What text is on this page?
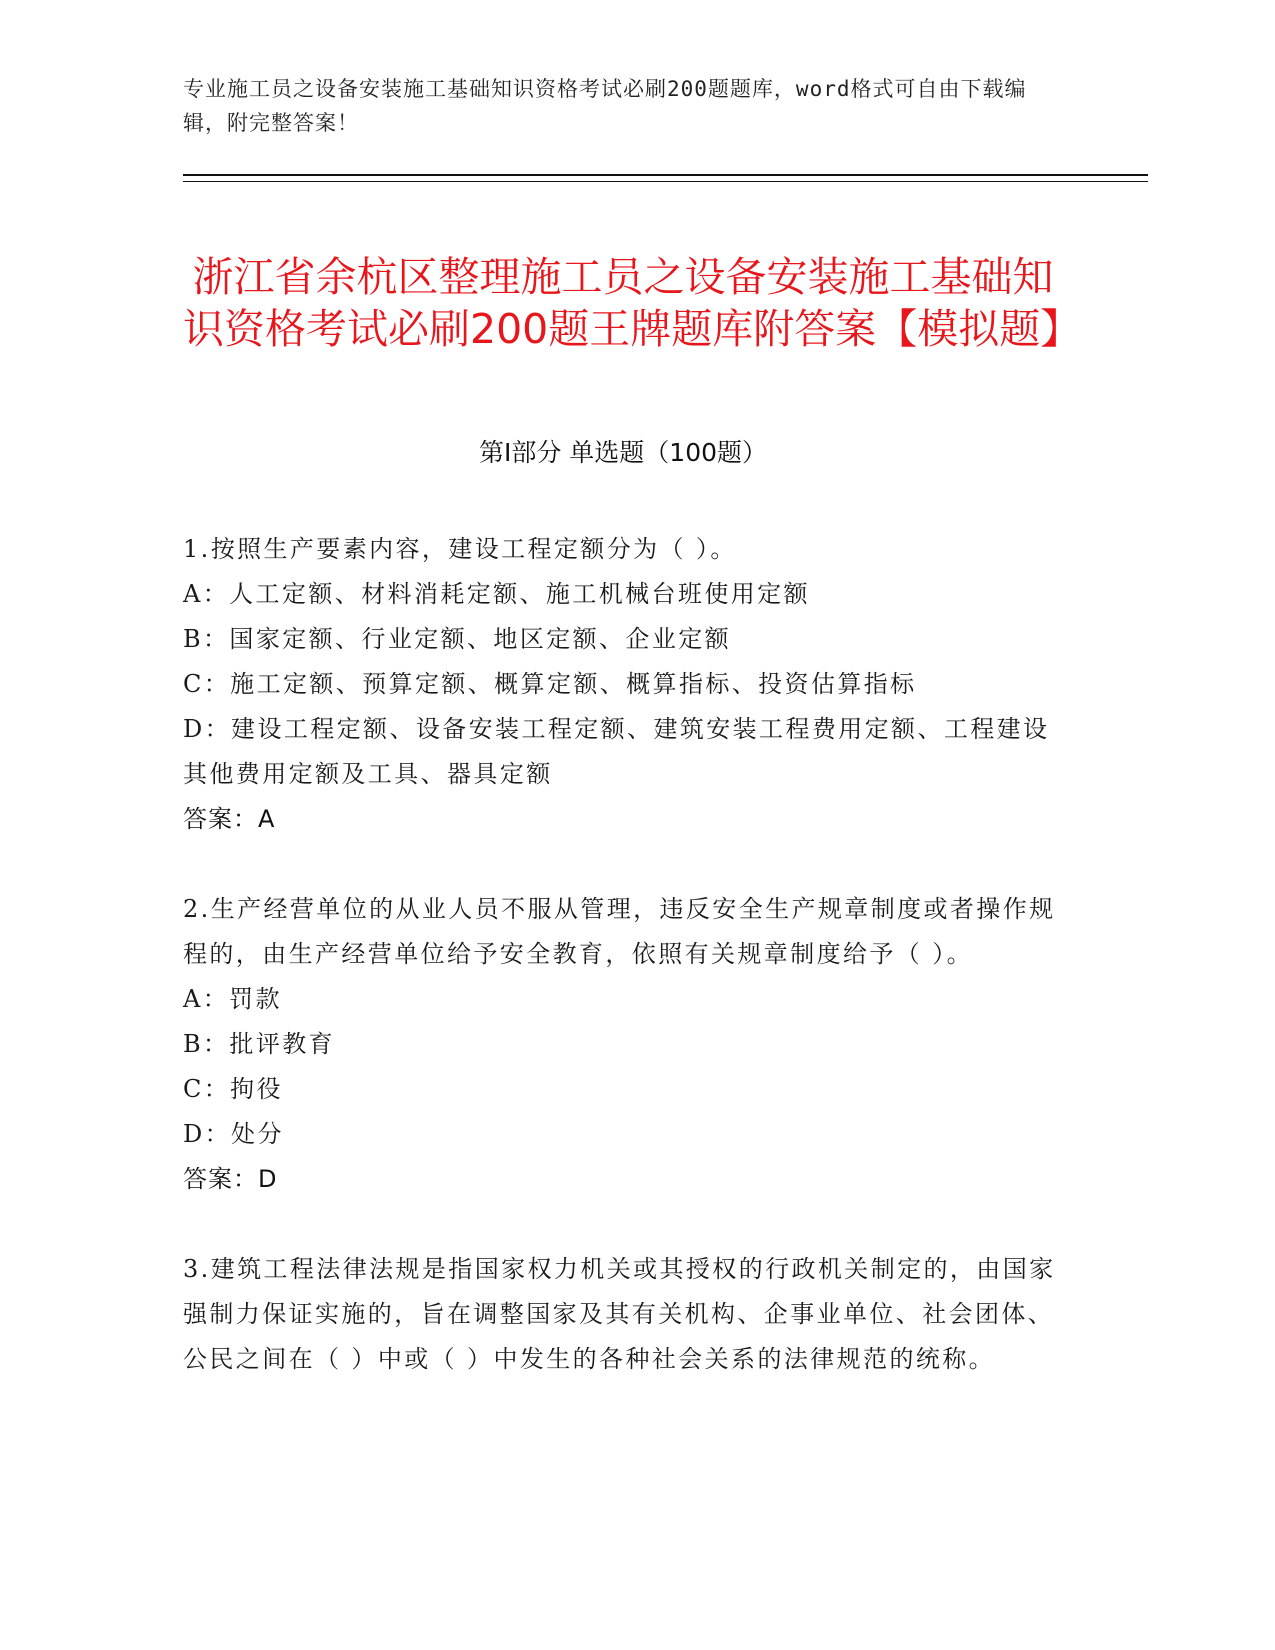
专业施工员之设备安装施工基础知识资格考试必刷200题题库，word格式可自由下载编辑，附完整答案！
浙江省余杭区整理施工员之设备安装施工基础知识资格考试必刷200题王牌题库附答案【模拟题】
第Ⅰ部分 单选题（100题）

1.按照生产要素内容，建设工程定额分为（ ）。

A：人工定额、材料消耗定额、施工机械台班使用定额

B：国家定额、行业定额、地区定额、企业定额

C：施工定额、预算定额、概算定额、概算指标、投资估算指标

D：建设工程定额、设备安装工程定额、建筑安装工程费用定额、工程建设其他费用定额及工具、器具定额

答案：A

2.生产经营单位的从业人员不服从管理，违反安全生产规章制度或者操作规程的，由生产经营单位给予安全教育，依照有关规章制度给予（ ）。

A：罚款

B：批评教育

C：拘役

D：处分

答案：D

3.建筑工程法律法规是指国家权力机关或其授权的行政机关制定的，由国家强制力保证实施的，旨在调整国家及其有关机构、企事业单位、社会团体、公民之间在（ ）中或（ ）中发生的各种社会关系的法律规范的统称。
